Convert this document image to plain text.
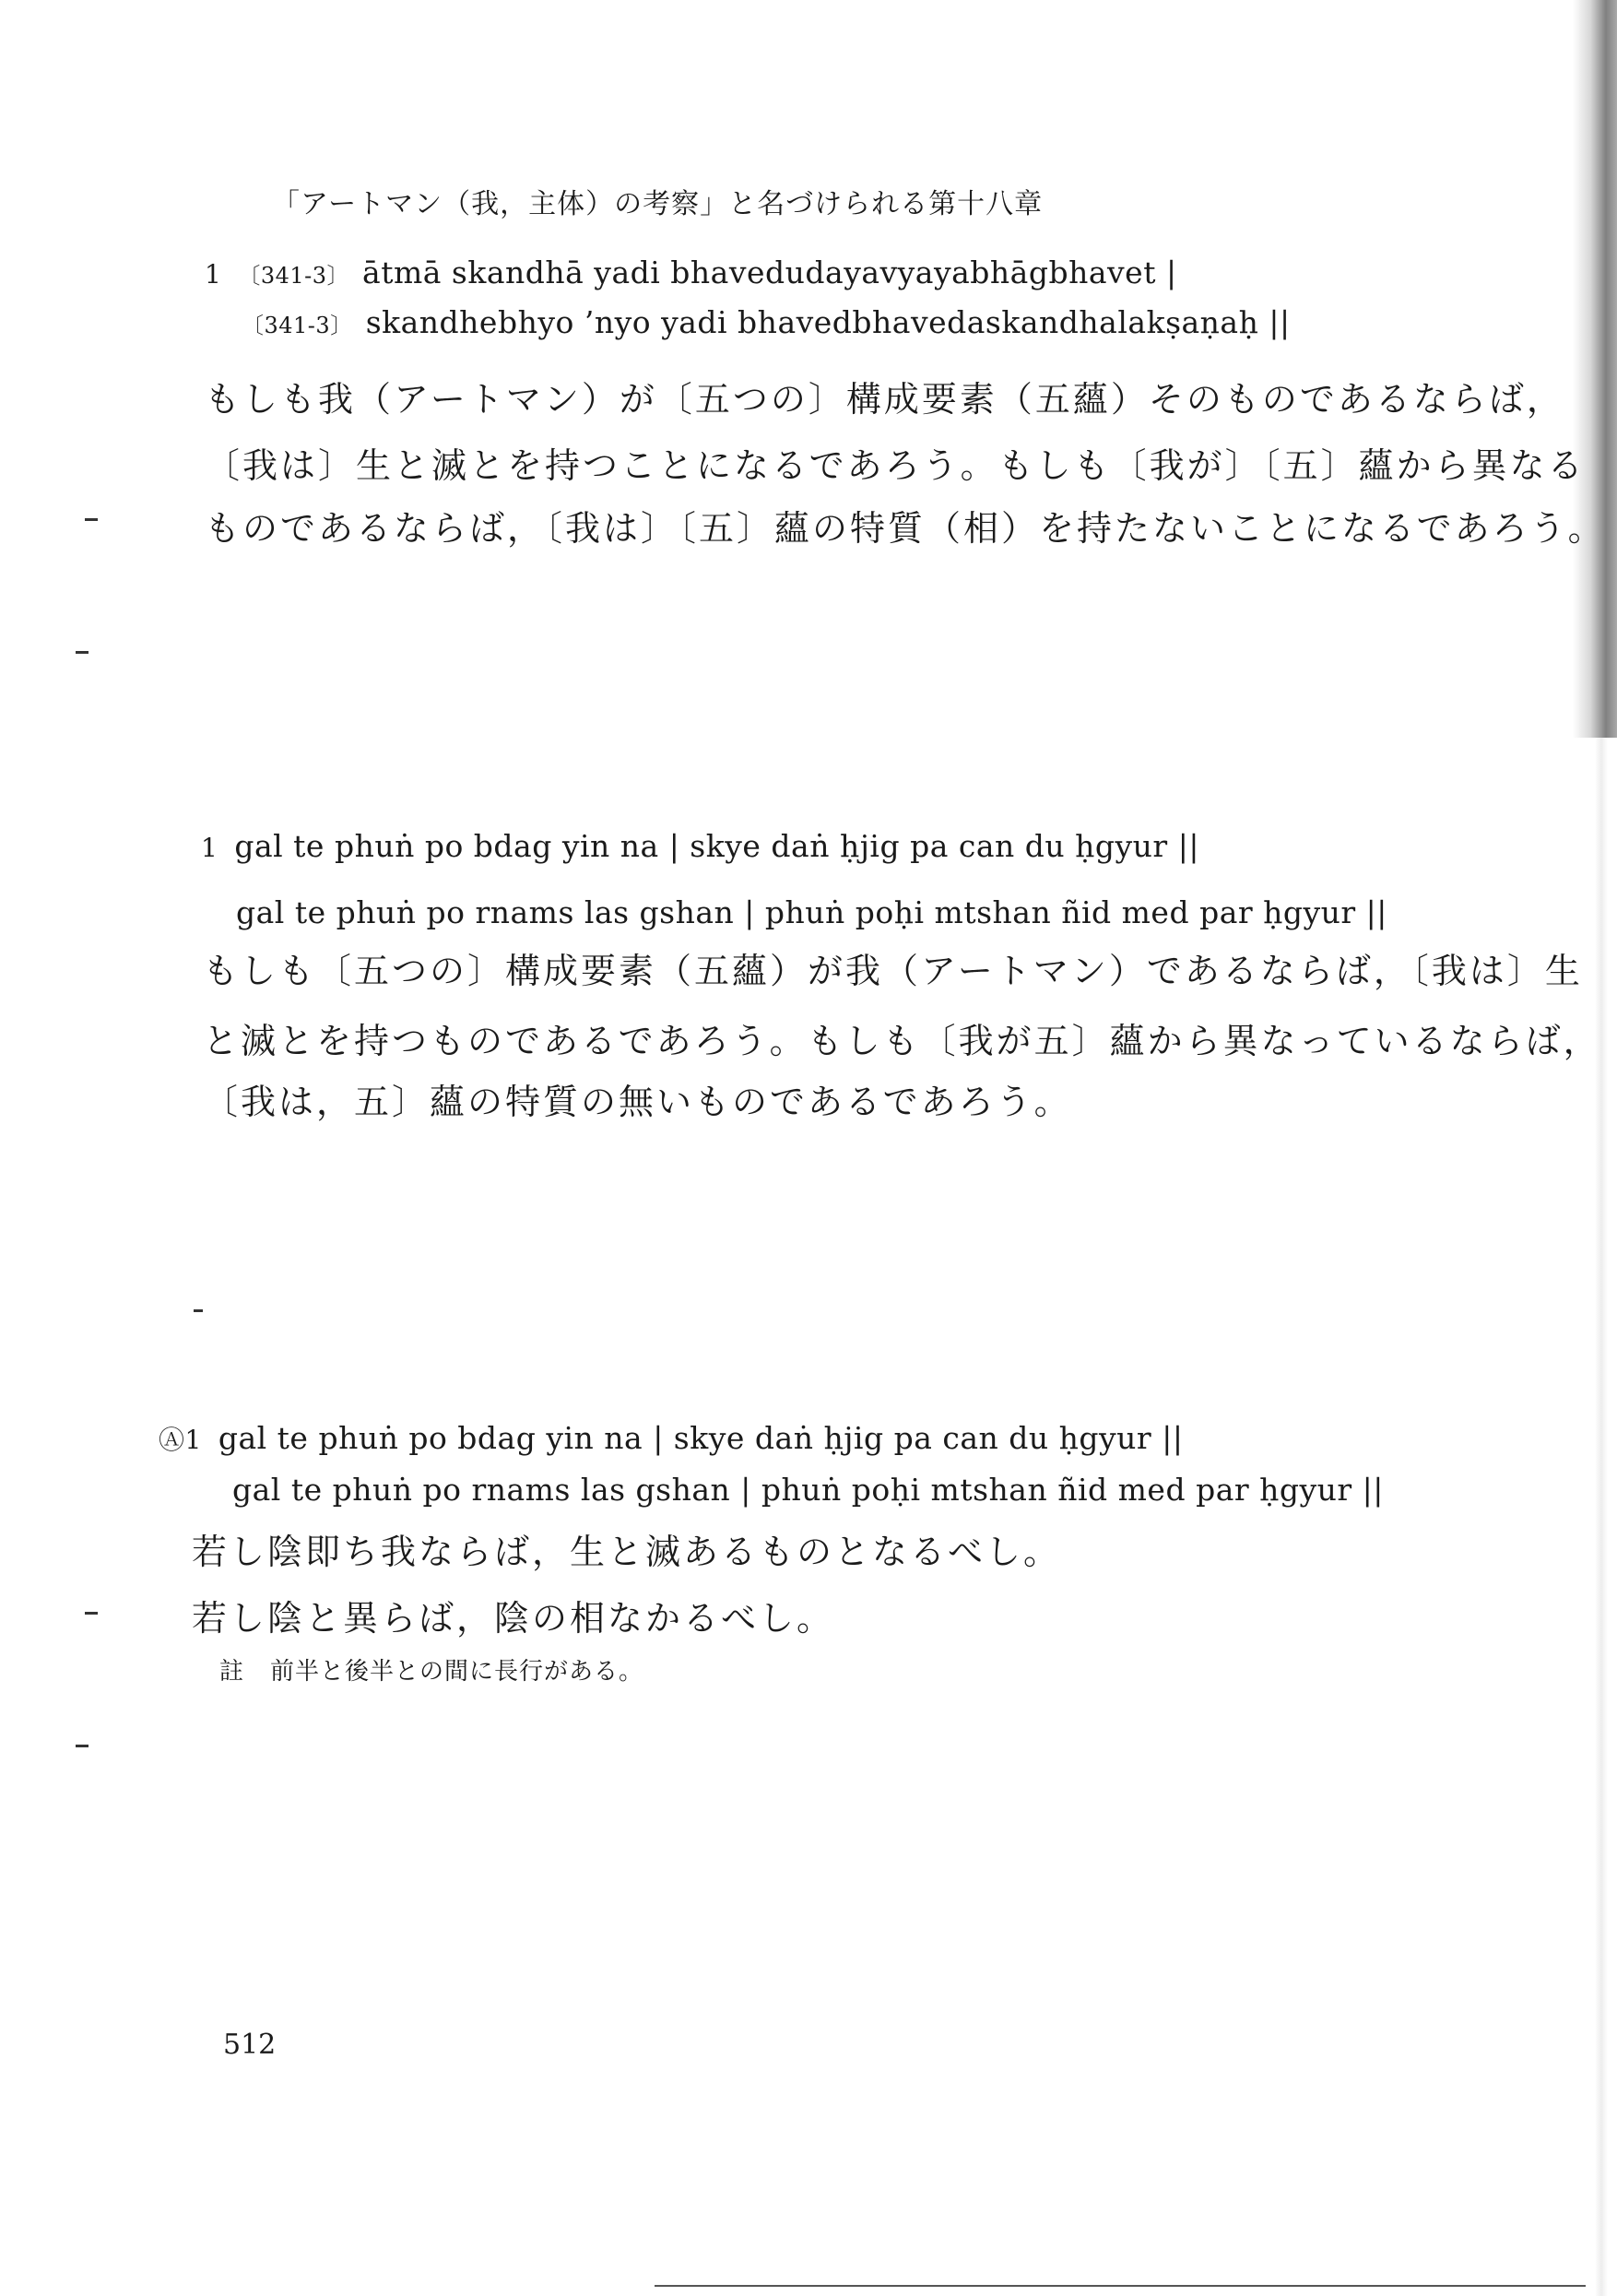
「アートマン（我，主体）の考察」と名づけられる第十八章
1 〔341-3〕 ātmā skandhā yadi bhavedudayavyayabhāgbhavet |
〔341-3〕 skandhebhyo ’nyo yadi bhavedbhavedaskandhalakṣaṇaḥ ||
もしも我（アートマン）が〔五つの〕構成要素（五蘊）そのものであるならば，
〔我は〕生と滅とを持つことになるであろう。もしも〔我が〕〔五〕蘊から異なる
ものであるならば，〔我は〕〔五〕蘊の特質（相）を持たないことになるであろう。
1 gal te phuṅ po bdag yin na | skye daṅ ḥjig pa can du ḥgyur ||
gal te phuṅ po rnams las gshan | phuṅ poḥi mtshan ñid med par ḥgyur ||
もしも〔五つの〕構成要素（五蘊）が我（アートマン）であるならば，〔我は〕生
と滅とを持つものであるであろう。もしも〔我が五〕蘊から異なっているならば，
〔我は，五〕蘊の特質の無いものであるであろう。
Ⓐ1 gal te phuṅ po bdag yin na | skye daṅ ḥjig pa can du ḥgyur ||
gal te phuṅ po rnams las gshan | phuṅ poḥi mtshan ñid med par ḥgyur ||
若し陰即ち我ならば，生と滅あるものとなるべし。
若し陰と異らば，陰の相なかるべし。
註 前半と後半との間に長行がある。
512
